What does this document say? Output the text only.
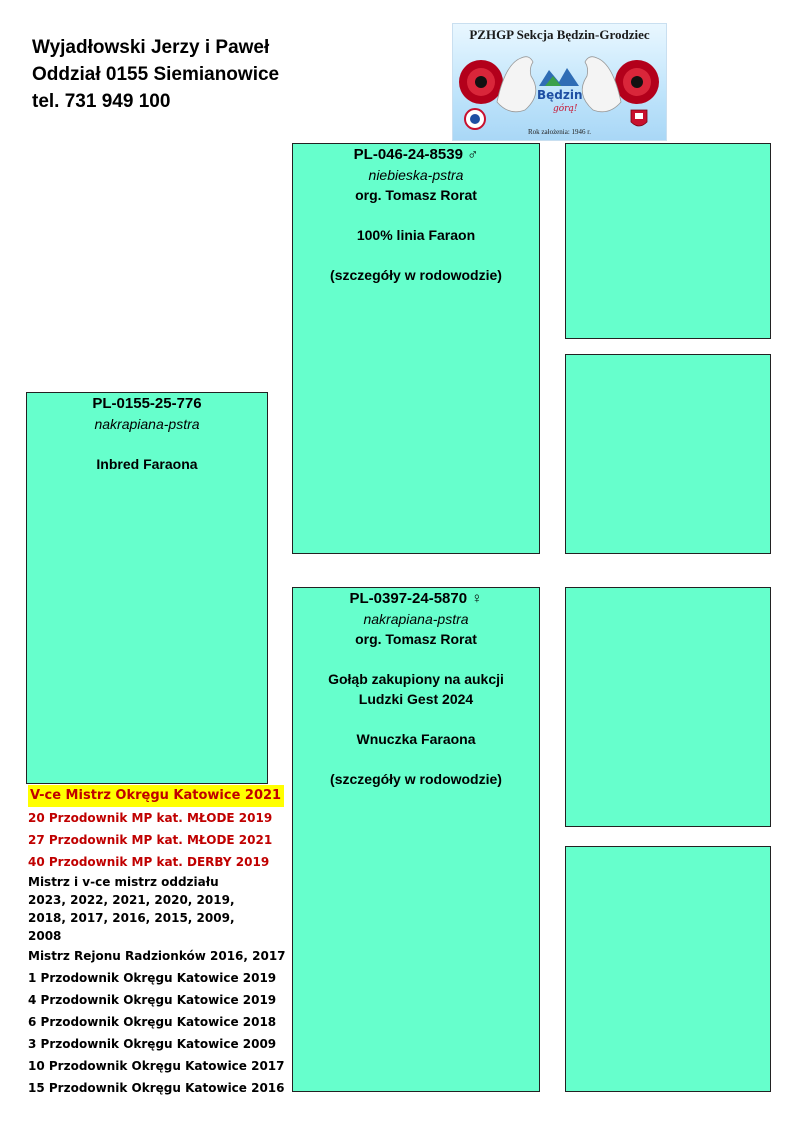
Wyjadłowski Jerzy i Paweł
Oddział 0155 Siemianowice
tel. 731 949 100
PZHGP Sekcja Będzin-Grodziec
Będzin
górą!
Rok założenia: 1946 r.
PL-0155-25-776
nakrapiana-pstra
Inbred Faraona
PL-046-24-8539 ♂
niebieska-pstra
org. Tomasz Rorat
100% linia Faraon
(szczegóły w rodowodzie)
PL-0397-24-5870 ♀
nakrapiana-pstra
org. Tomasz Rorat
Gołąb zakupiony na aukcji
Ludzki Gest 2024
Wnuczka Faraona
(szczegóły w rodowodzie)
V-ce Mistrz Okręgu Katowice 2021
20 Przodownik MP kat. MŁODE 2019
27 Przodownik MP kat. MŁODE 2021
40 Przodownik MP kat. DERBY 2019
Mistrz i v-ce mistrz oddziału
2023, 2022, 2021, 2020, 2019,
2018, 2017, 2016, 2015, 2009,
2008
Mistrz Rejonu Radzionków 2016, 2017
1 Przodownik Okręgu Katowice 2019
4 Przodownik Okręgu Katowice 2019
6 Przodownik Okręgu Katowice 2018
3 Przodownik Okręgu Katowice 2009
10 Przodownik Okręgu Katowice 2017
15 Przodownik Okręgu Katowice 2016
